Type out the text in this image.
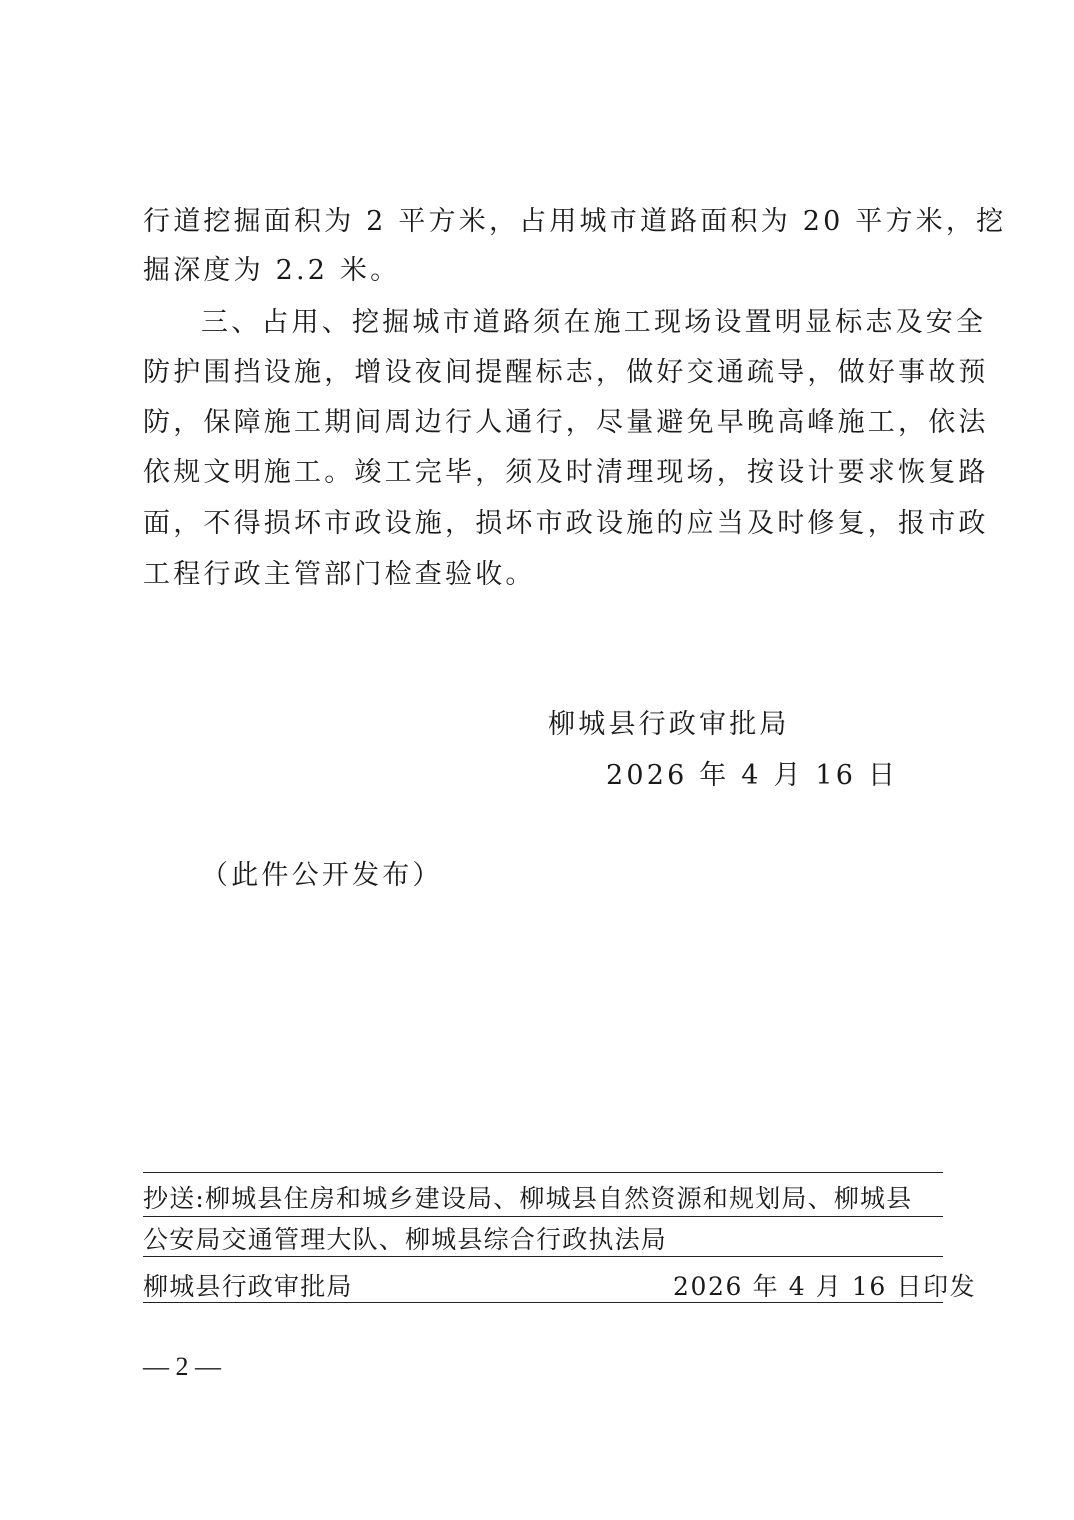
行道挖掘面积为 2 平方米，占用城市道路面积为 20 平方米，挖
掘深度为 2.2 米。
三、占用、挖掘城市道路须在施工现场设置明显标志及安全
防护围挡设施，增设夜间提醒标志，做好交通疏导，做好事故预
防，保障施工期间周边行人通行，尽量避免早晚高峰施工，依法
依规文明施工。竣工完毕，须及时清理现场，按设计要求恢复路
面，不得损坏市政设施，损坏市政设施的应当及时修复，报市政
工程行政主管部门检查验收。
柳城县行政审批局
2026 年 4 月 16 日
（此件公开发布）
抄送:柳城县住房和城乡建设局、柳城县自然资源和规划局、柳城县
公安局交通管理大队、柳城县综合行政执法局
柳城县行政审批局	2026 年 4 月 16 日印发
— 2 —
